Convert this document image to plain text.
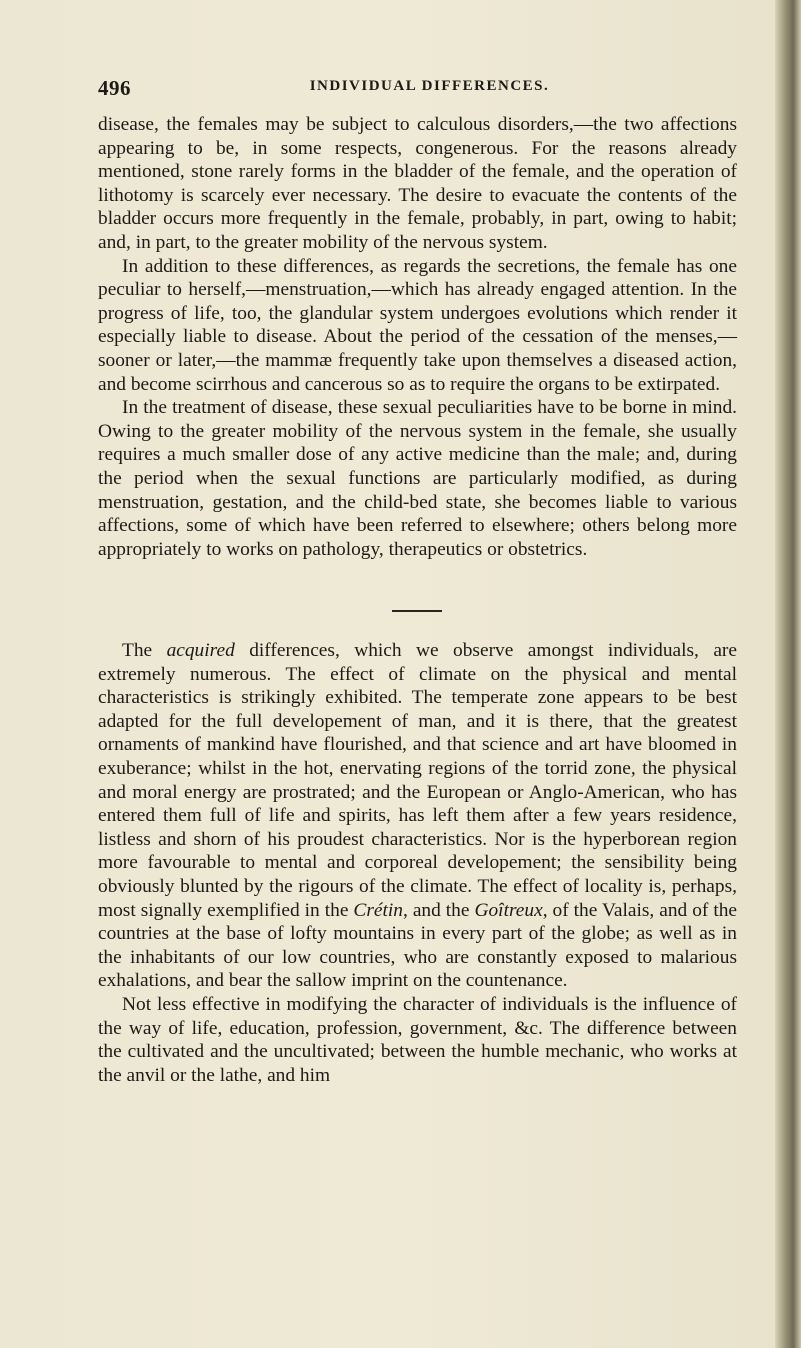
496	INDIVIDUAL DIFFERENCES.

disease, the females may be subject to calculous disorders,—the two affections appearing to be, in some respects, congenerous. For the reasons already mentioned, stone rarely forms in the bladder of the female, and the operation of lithotomy is scarcely ever necessary. The desire to evacuate the contents of the bladder occurs more frequently in the female, probably, in part, owing to habit; and, in part, to the greater mobility of the nervous system.

In addition to these differences, as regards the secretions, the female has one peculiar to herself,—menstruation,—which has already engaged attention. In the progress of life, too, the glandular system undergoes evolutions which render it especially liable to disease. About the period of the cessation of the menses,—sooner or later,—the mammæ frequently take upon themselves a diseased action, and become scirrhous and cancerous so as to require the organs to be extirpated.

In the treatment of disease, these sexual peculiarities have to be borne in mind. Owing to the greater mobility of the nervous system in the female, she usually requires a much smaller dose of any active medicine than the male; and, during the period when the sexual functions are particularly modified, as during menstruation, gestation, and the child-bed state, she becomes liable to various affections, some of which have been referred to elsewhere; others belong more appropriately to works on pathology, therapeutics or obstetrics.

The acquired differences, which we observe amongst individuals, are extremely numerous. The effect of climate on the physical and mental characteristics is strikingly exhibited. The temperate zone appears to be best adapted for the full developement of man, and it is there, that the greatest ornaments of mankind have flourished, and that science and art have bloomed in exuberance; whilst in the hot, enervating regions of the torrid zone, the physical and moral energy are prostrated; and the European or Anglo-American, who has entered them full of life and spirits, has left them after a few years residence, listless and shorn of his proudest characteristics. Nor is the hyperborean region more favourable to mental and corporeal developement; the sensibility being obviously blunted by the rigours of the climate. The effect of locality is, perhaps, most signally exemplified in the Crétin, and the Goîtreux, of the Valais, and of the countries at the base of lofty mountains in every part of the globe; as well as in the inhabitants of our low countries, who are constantly exposed to malarious exhalations, and bear the sallow imprint on the countenance.

Not less effective in modifying the character of individuals is the influence of the way of life, education, profession, government, &c. The difference between the cultivated and the uncultivated; between the humble mechanic, who works at the anvil or the lathe, and him
